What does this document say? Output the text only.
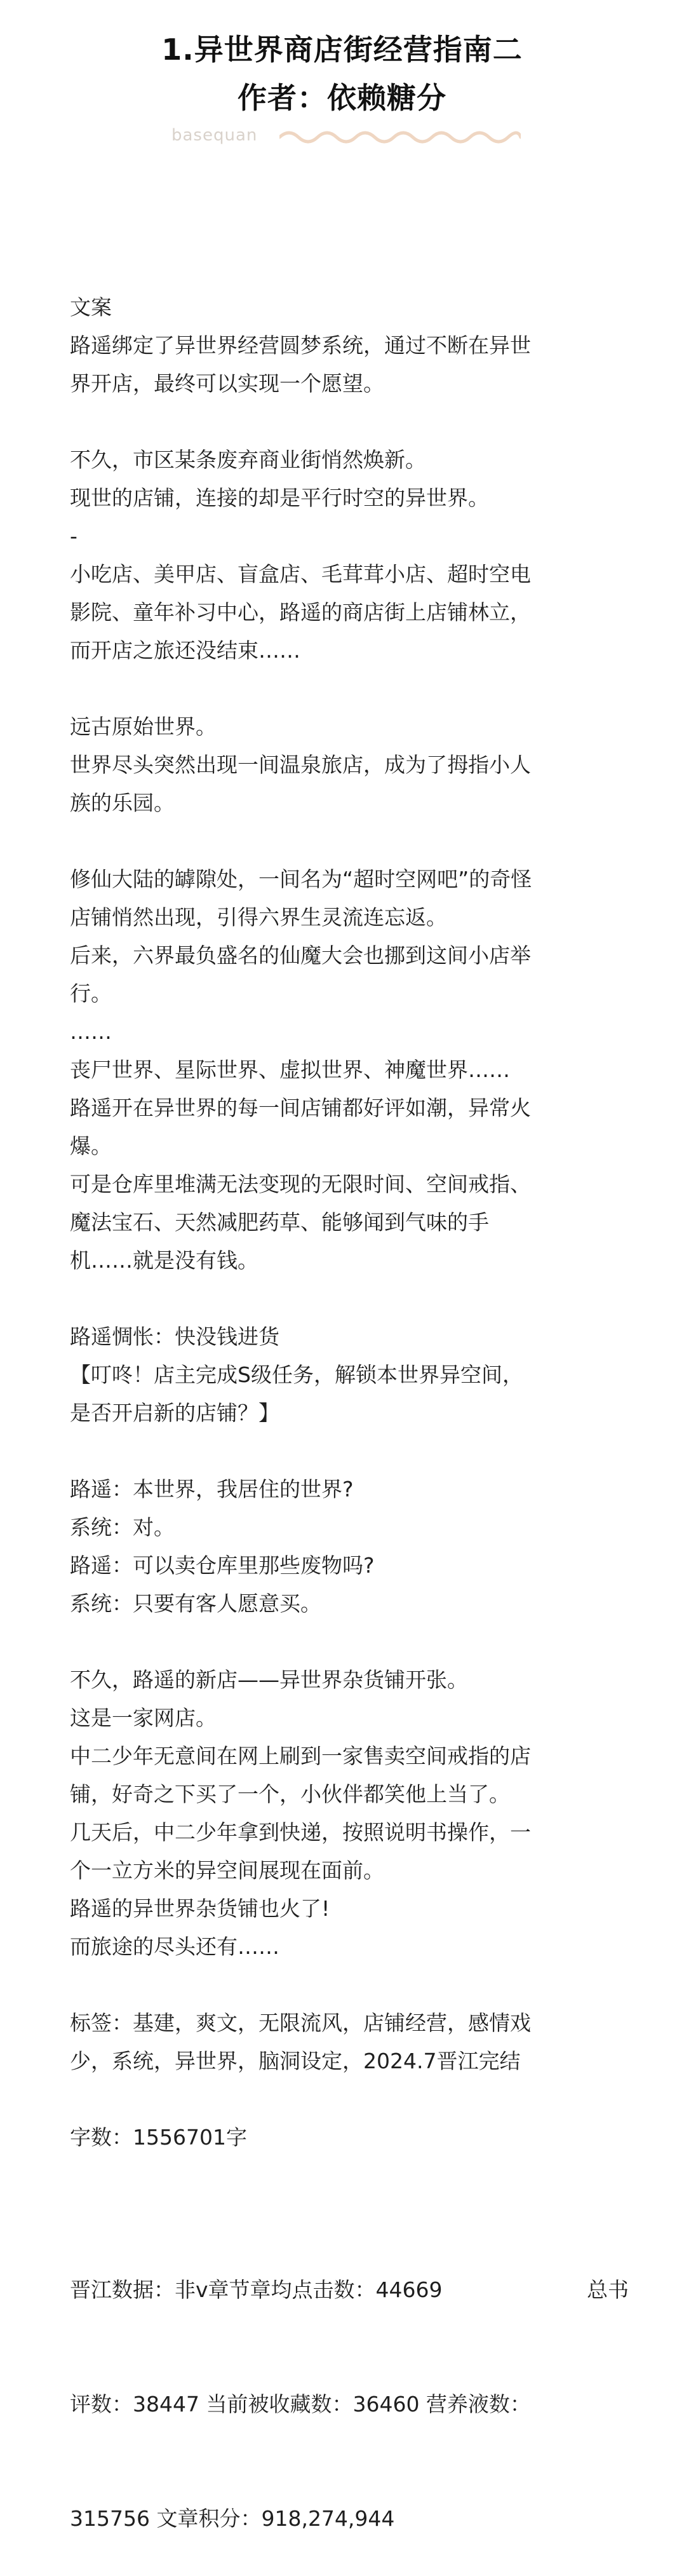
1.异世界商店街经营指南二
作者：依赖糖分
basequan

文案
路遥绑定了异世界经营圆梦系统，通过不断在异世
界开店，最终可以实现一个愿望。
不久，市区某条废弃商业街悄然焕新。
现世的店铺，连接的却是平行时空的异世界。
-
小吃店、美甲店、盲盒店、毛茸茸小店、超时空电
影院、童年补习中心，路遥的商店街上店铺林立，
而开店之旅还没结束……
远古原始世界。
世界尽头突然出现一间温泉旅店，成为了拇指小人
族的乐园。
修仙大陆的罅隙处，一间名为“超时空网吧”的奇怪
店铺悄然出现，引得六界生灵流连忘返。
后来，六界最负盛名的仙魔大会也挪到这间小店举
行。
……
丧尸世界、星际世界、虚拟世界、神魔世界……
路遥开在异世界的每一间店铺都好评如潮，异常火
爆。
可是仓库里堆满无法变现的无限时间、空间戒指、
魔法宝石、天然减肥药草、能够闻到气味的手
机……就是没有钱。
路遥惆怅：快没钱进货
【叮咚！店主完成S级任务，解锁本世界异空间，
是否开启新的店铺？】
路遥：本世界，我居住的世界?
系统：对。
路遥：可以卖仓库里那些废物吗?
系统：只要有客人愿意买。
不久，路遥的新店——异世界杂货铺开张。
这是一家网店。
中二少年无意间在网上刷到一家售卖空间戒指的店
铺，好奇之下买了一个，小伙伴都笑他上当了。
几天后，中二少年拿到快递，按照说明书操作，一
个一立方米的异空间展现在面前。
路遥的异世界杂货铺也火了!
而旅途的尽头还有……
标签：基建，爽文，无限流风，店铺经营，感情戏
少，系统，异世界，脑洞设定，2024.7晋江完结
字数：1556701字

晋江数据：非v章节章均点击数：44669	总书

评数：38447 当前被收藏数：36460 营养液数：

315756 文章积分：918,274,944
